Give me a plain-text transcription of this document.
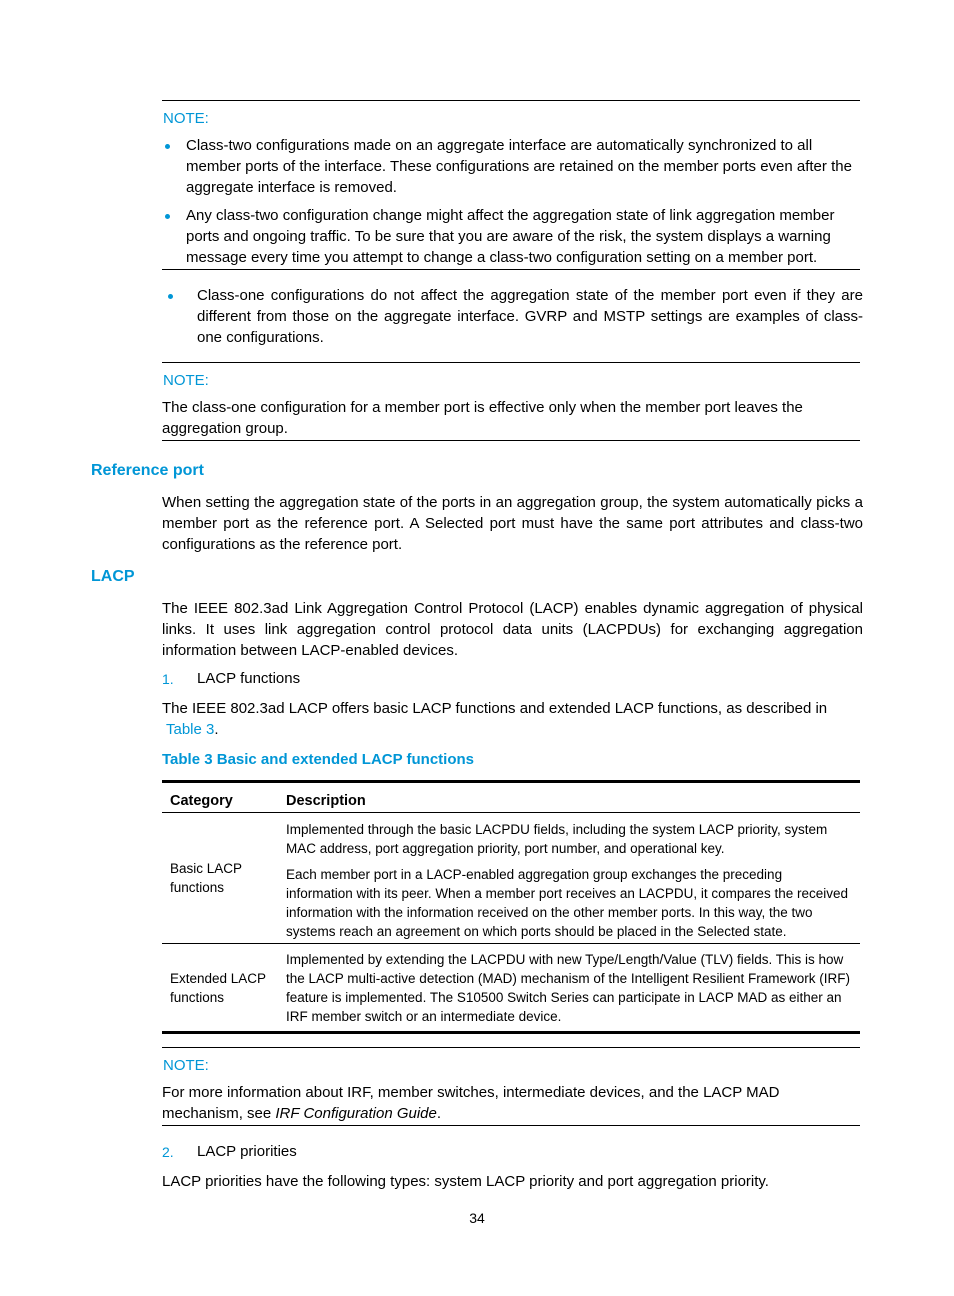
NOTE:
Class-two configurations made on an aggregate interface are automatically synchronized to all member ports of the interface. These configurations are retained on the member ports even after the aggregate interface is removed.
Any class-two configuration change might affect the aggregation state of link aggregation member ports and ongoing traffic. To be sure that you are aware of the risk, the system displays a warning message every time you attempt to change a class-two configuration setting on a member port.
Class-one configurations do not affect the aggregation state of the member port even if they are different from those on the aggregate interface. GVRP and MSTP settings are examples of class-one configurations.
NOTE:
The class-one configuration for a member port is effective only when the member port leaves the aggregation group.
Reference port
When setting the aggregation state of the ports in an aggregation group, the system automatically picks a member port as the reference port. A Selected port must have the same port attributes and class-two configurations as the reference port.
LACP
The IEEE 802.3ad Link Aggregation Control Protocol (LACP) enables dynamic aggregation of physical links. It uses link aggregation control protocol data units (LACPDUs) for exchanging aggregation information between LACP-enabled devices.
1. LACP functions
The IEEE 802.3ad LACP offers basic LACP functions and extended LACP functions, as described in Table 3.
Table 3 Basic and extended LACP functions
Category	Description
Basic LACP functions	Implemented through the basic LACPDU fields, including the system LACP priority, system MAC address, port aggregation priority, port number, and operational key.
Each member port in a LACP-enabled aggregation group exchanges the preceding information with its peer. When a member port receives an LACPDU, it compares the received information with the information received on the other member ports. In this way, the two systems reach an agreement on which ports should be placed in the Selected state.

Extended LACP functions	Implemented by extending the LACPDU with new Type/Length/Value (TLV) fields. This is how the LACP multi-active detection (MAD) mechanism of the Intelligent Resilient Framework (IRF) feature is implemented. The S10500 Switch Series can participate in LACP MAD as either an IRF member switch or an intermediate device.
NOTE:
For more information about IRF, member switches, intermediate devices, and the LACP MAD mechanism, see IRF Configuration Guide.
2. LACP priorities
LACP priorities have the following types: system LACP priority and port aggregation priority.
34
